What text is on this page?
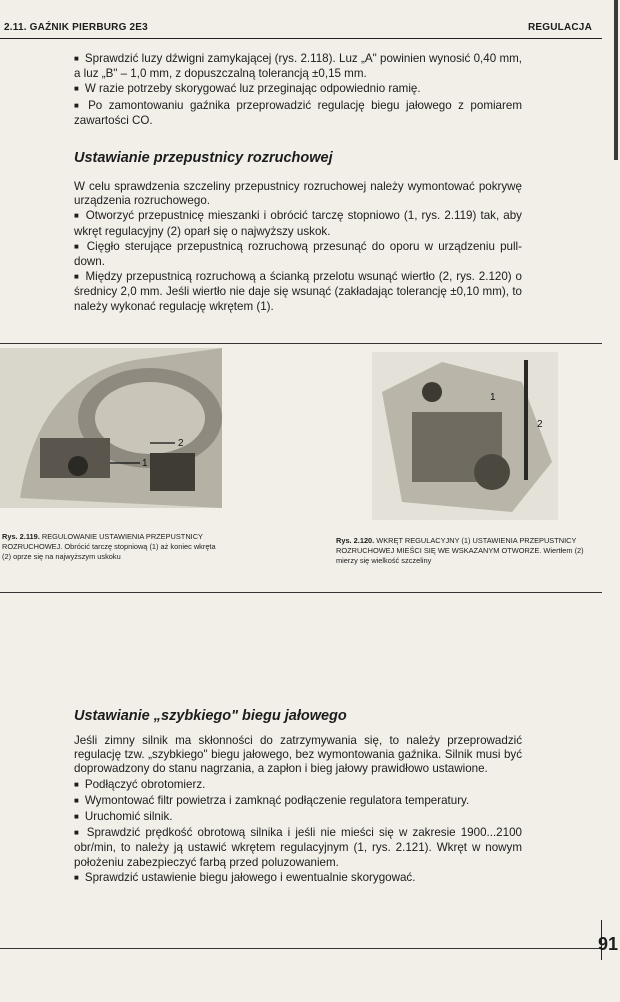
2.11. GAŹNIK PIERBURG 2E3	REGULACJA

■ Sprawdzić luzy dźwigni zamykającej (rys. 2.118). Luz „A" powinien wynosić 0,40 mm, a luz „B" – 1,0 mm, z dopuszczalną tolerancją ±0,15 mm.

■ W razie potrzeby skorygować luz przeginając odpowiednio ramię.

■ Po zamontowaniu gaźnika przeprowadzić regulację biegu jałowego z pomiarem zawartości CO.

Ustawianie przepustnicy rozruchowej

W celu sprawdzenia szczeliny przepustnicy rozruchowej należy wymontować pokrywę urządzenia rozruchowego.

■ Otworzyć przepustnicę mieszanki i obrócić tarczę stopniowo (1, rys. 2.119) tak, aby wkręt regulacyjny (2) oparł się o najwyższy uskok.

■ Cięgło sterujące przepustnicą rozruchową przesunąć do oporu w urządzeniu pull-down.

■ Między przepustnicą rozruchową a ścianką przelotu wsunąć wiertło (2, rys. 2.120) o średnicy 2,0 mm. Jeśli wiertło nie daje się wsunąć (zakładając tolerancję ±0,10 mm), to należy wykonać regulację wkrętem (1).

1
2
Rys. 2.119. REGULOWANIE USTAWIENIA PRZEPUSTNICY ROZRUCHOWEJ. Obrócić tarczę stopniową (1) aż koniec wkręta (2) oprze się na najwyższym uskoku
1
2
Rys. 2.120. WKRĘT REGULACYJNY (1) USTAWIENIA PRZEPUSTNICY ROZRUCHOWEJ MIEŚCI SIĘ WE WSKAZANYM OTWORZE. Wiertłem (2) mierzy się wielkość szczeliny
Ustawianie „szybkiego" biegu jałowego

Jeśli zimny silnik ma skłonności do zatrzymywania się, to należy przeprowadzić regulację tzw. „szybkiego" biegu jałowego, bez wymontowania gaźnika. Silnik musi być doprowadzony do stanu nagrzania, a zapłon i bieg jałowy prawidłowo ustawione.

■ Podłączyć obrotomierz.

■ Wymontować filtr powietrza i zamknąć podłączenie regulatora temperatury.

■ Uruchomić silnik.

■ Sprawdzić prędkość obrotową silnika i jeśli nie mieści się w zakresie 1900...2100 obr/min, to należy ją ustawić wkrętem regulacyjnym (1, rys. 2.121). Wkręt w nowym położeniu zabezpieczyć farbą przed poluzowaniem.

■ Sprawdzić ustawienie biegu jałowego i ewentualnie skorygować.

91
